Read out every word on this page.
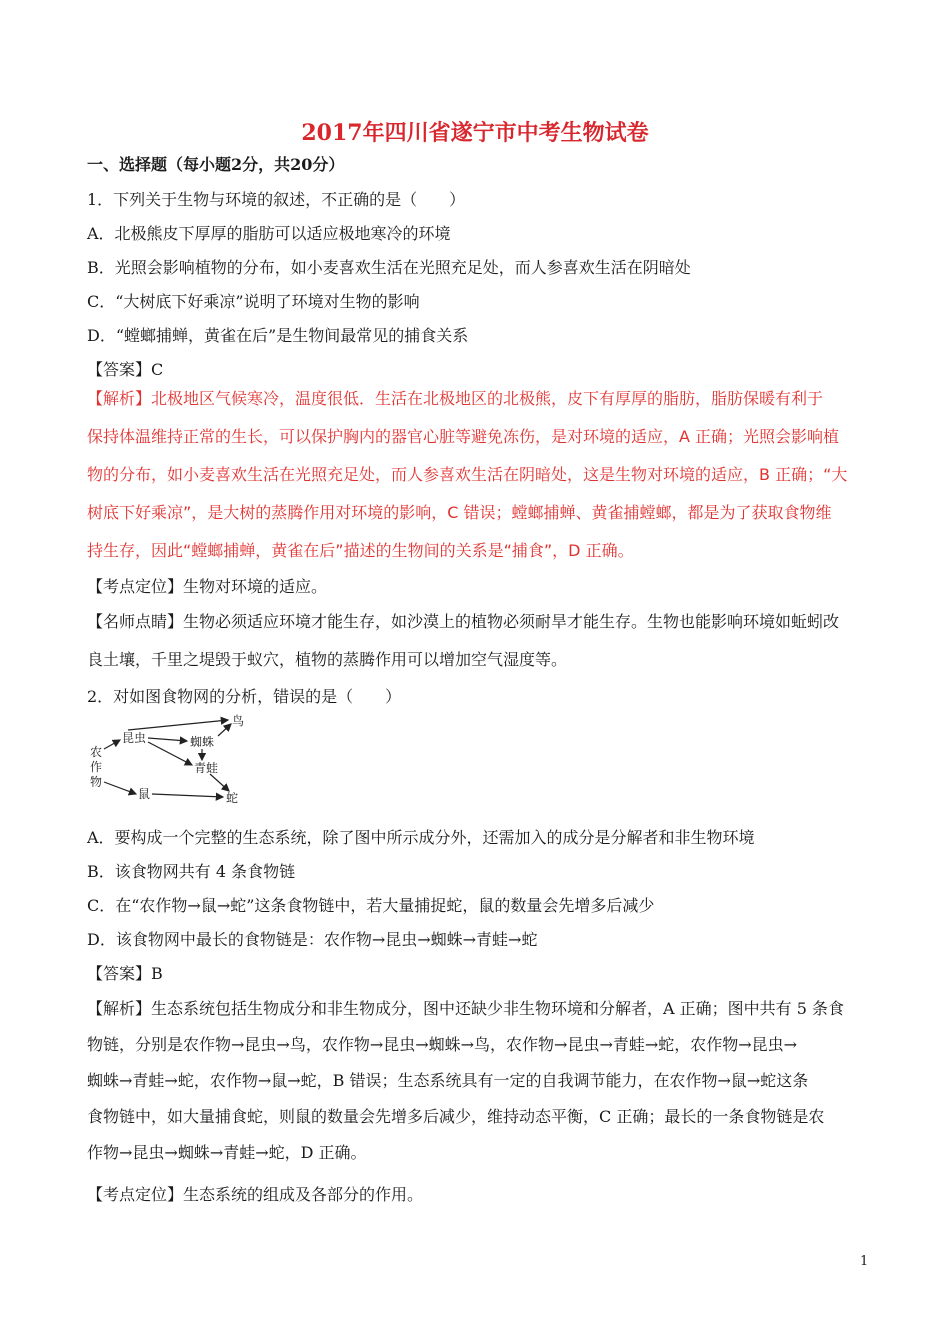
2017年四川省遂宁市中考生物试卷
一、选择题（每小题2分，共20分）
1．下列关于生物与环境的叙述，不正确的是（　　）
A．北极熊皮下厚厚的脂肪可以适应极地寒冷的环境
B．光照会影响植物的分布，如小麦喜欢生活在光照充足处，而人参喜欢生活在阴暗处
C．“大树底下好乘凉”说明了环境对生物的影响
D．“螳螂捕蝉，黄雀在后”是生物间最常见的捕食关系
【答案】C
【解析】北极地区气候寒冷，温度很低．生活在北极地区的北极熊，皮下有厚厚的脂肪，脂肪保暖有利于
保持体温维持正常的生长，可以保护胸内的器官心脏等避免冻伤，是对环境的适应，A 正确；光照会影响植
物的分布，如小麦喜欢生活在光照充足处，而人参喜欢生活在阴暗处，这是生物对环境的适应，B 正确；“大
树底下好乘凉”，是大树的蒸腾作用对环境的影响，C 错误；螳螂捕蝉、黄雀捕螳螂，都是为了获取食物维
持生存，因此“螳螂捕蝉，黄雀在后”描述的生物间的关系是“捕食”，D 正确。
【考点定位】生物对环境的适应。
【名师点睛】生物必须适应环境才能生存，如沙漠上的植物必须耐旱才能生存。生物也能影响环境如蚯蚓改
良土壤，千里之堤毁于蚁穴，植物的蒸腾作用可以增加空气湿度等。
2．对如图食物网的分析，错误的是（　　）
农
作
物
昆虫
鸟
蜘蛛
青蛙
鼠	蛇
A．要构成一个完整的生态系统，除了图中所示成分外，还需加入的成分是分解者和非生物环境
B．该食物网共有 4 条食物链
C．在“农作物→鼠→蛇”这条食物链中，若大量捕捉蛇，鼠的数量会先增多后减少
D．该食物网中最长的食物链是：农作物→昆虫→蜘蛛→青蛙→蛇
【答案】B
【解析】生态系统包括生物成分和非生物成分，图中还缺少非生物环境和分解者，A 正确；图中共有 5 条食
物链，分别是农作物→昆虫→鸟，农作物→昆虫→蜘蛛→鸟，农作物→昆虫→青蛙→蛇，农作物→昆虫→
蜘蛛→青蛙→蛇，农作物→鼠→蛇，B 错误；生态系统具有一定的自我调节能力，在农作物→鼠→蛇这条
食物链中，如大量捕食蛇，则鼠的数量会先增多后减少，维持动态平衡，C 正确；最长的一条食物链是农
作物→昆虫→蜘蛛→青蛙→蛇，D 正确。
【考点定位】生态系统的组成及各部分的作用。
1
